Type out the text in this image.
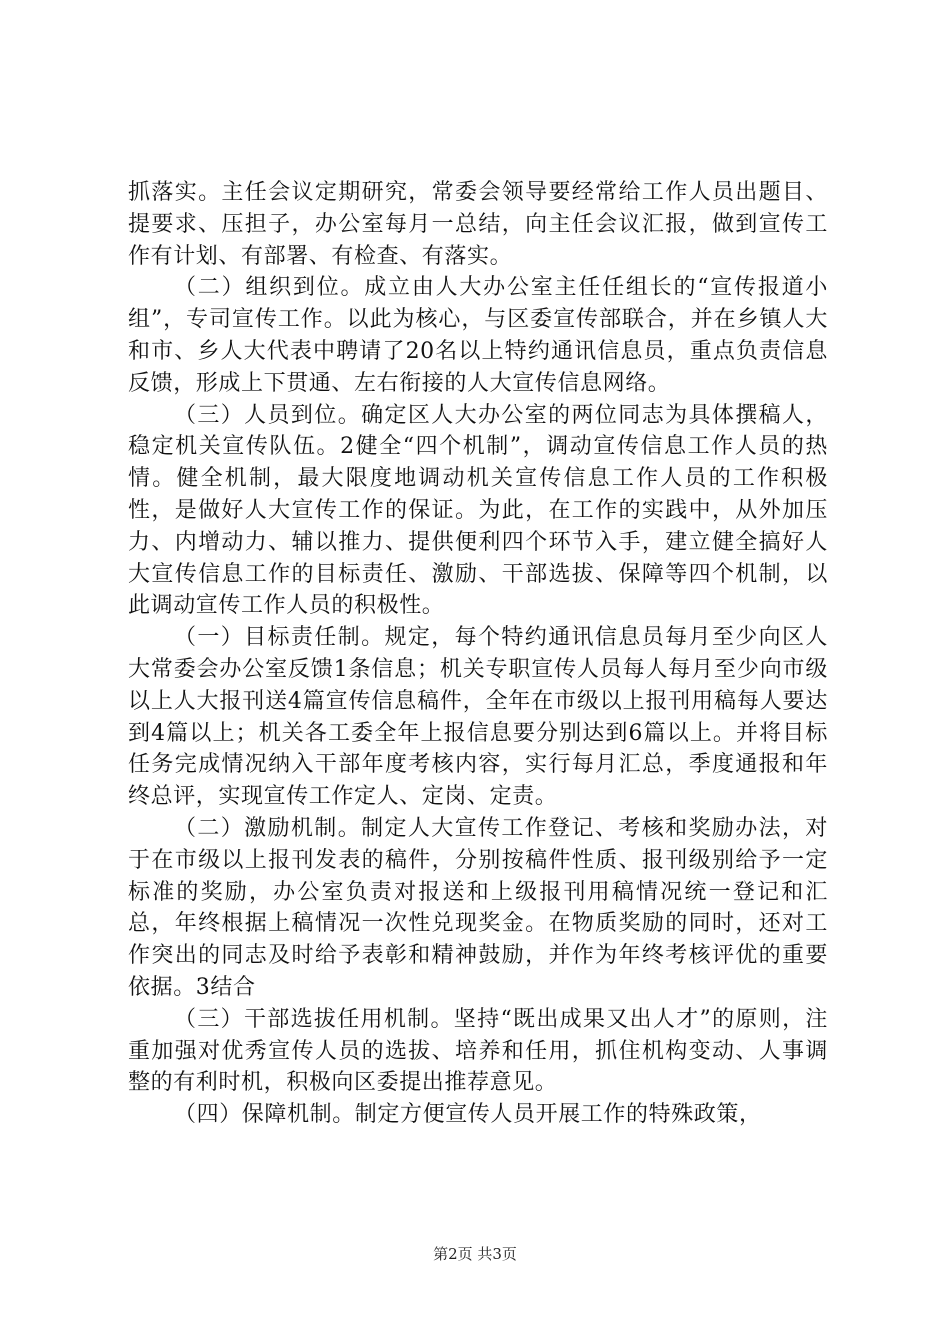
抓落实。主任会议定期研究，常委会领导要经常给工作人员出题目、提要求、压担子，办公室每月一总结，向主任会议汇报，做到宣传工作有计划、有部署、有检查、有落实。

（二）组织到位。成立由人大办公室主任任组长的“宣传报道小组”，专司宣传工作。以此为核心，与区委宣传部联合，并在乡镇人大和市、乡人大代表中聘请了20名以上特约通讯信息员，重点负责信息反馈，形成上下贯通、左右衔接的人大宣传信息网络。

（三）人员到位。确定区人大办公室的两位同志为具体撰稿人，稳定机关宣传队伍。2健全“四个机制”，调动宣传信息工作人员的热情。健全机制，最大限度地调动机关宣传信息工作人员的工作积极性，是做好人大宣传工作的保证。为此，在工作的实践中，从外加压力、内增动力、辅以推力、提供便利四个环节入手，建立健全搞好人大宣传信息工作的目标责任、激励、干部选拔、保障等四个机制，以此调动宣传工作人员的积极性。

（一）目标责任制。规定，每个特约通讯信息员每月至少向区人大常委会办公室反馈1条信息；机关专职宣传人员每人每月至少向市级以上人大报刊送4篇宣传信息稿件，全年在市级以上报刊用稿每人要达到4篇以上；机关各工委全年上报信息要分别达到6篇以上。并将目标任务完成情况纳入干部年度考核内容，实行每月汇总，季度通报和年终总评，实现宣传工作定人、定岗、定责。

（二）激励机制。制定人大宣传工作登记、考核和奖励办法，对于在市级以上报刊发表的稿件，分别按稿件性质、报刊级别给予一定标准的奖励，办公室负责对报送和上级报刊用稿情况统一登记和汇总，年终根据上稿情况一次性兑现奖金。在物质奖励的同时，还对工作突出的同志及时给予表彰和精神鼓励，并作为年终考核评优的重要依据。3结合

（三）干部选拔任用机制。坚持“既出成果又出人才”的原则，注重加强对优秀宣传人员的选拔、培养和任用，抓住机构变动、人事调整的有利时机，积极向区委提出推荐意见。

（四）保障机制。制定方便宣传人员开展工作的特殊政策，

第2页 共3页
